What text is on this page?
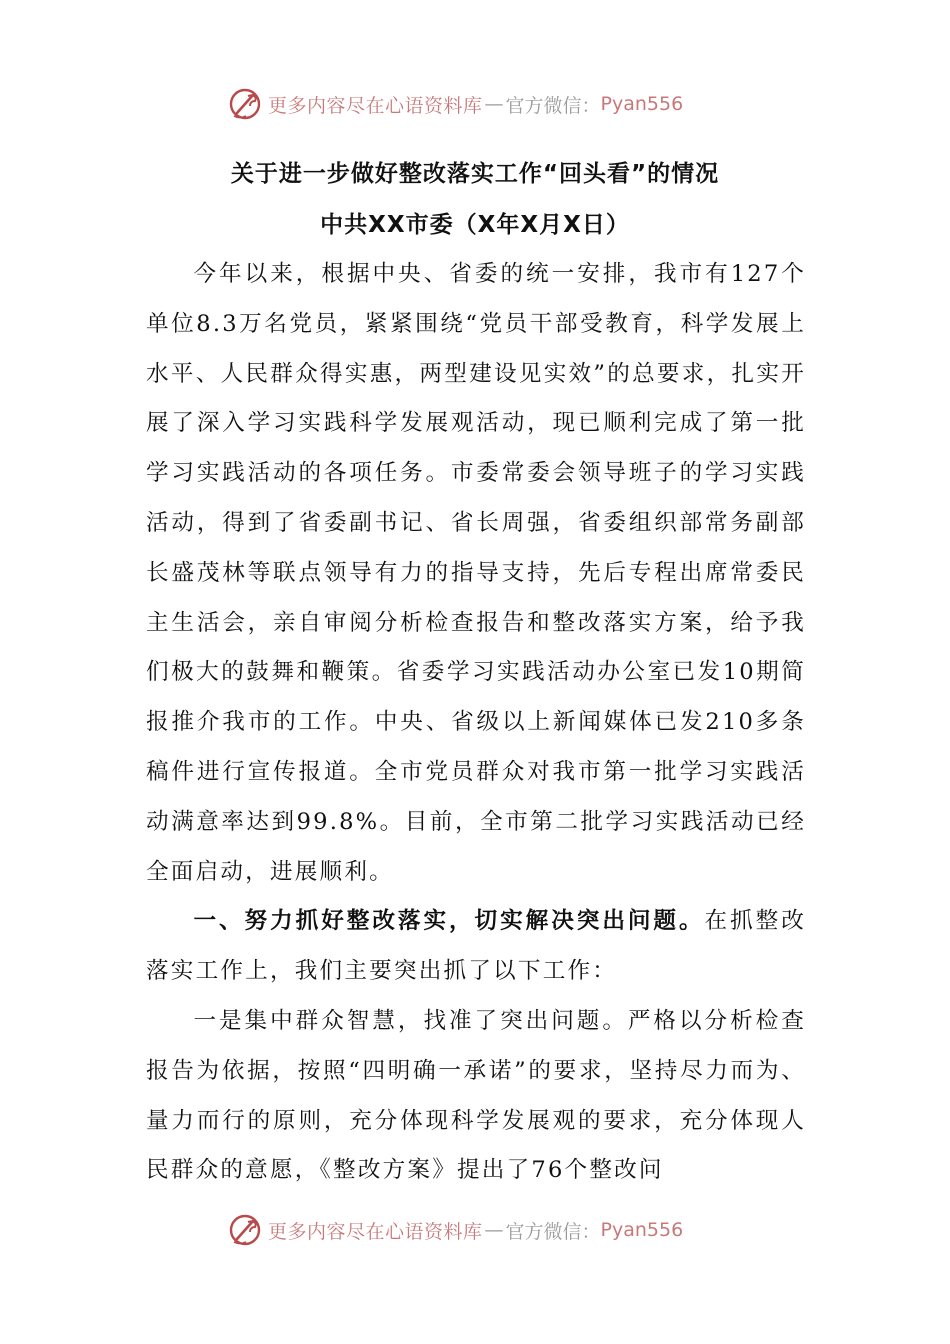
更多内容尽在心语资料库 — 官方微信： Pyan556
关于进一步做好整改落实工作“回头看”的情况
中共XX市委（X年X月X日）

今年以来，根据中央、省委的统一安排，我市有127个单位8.3万名党员，紧紧围绕“党员干部受教育，科学发展上水平、人民群众得实惠，两型建设见实效”的总要求，扎实开展了深入学习实践科学发展观活动，现已顺利完成了第一批学习实践活动的各项任务。市委常委会领导班子的学习实践活动，得到了省委副书记、省长周强，省委组织部常务副部长盛茂林等联点领导有力的指导支持，先后专程出席常委民主生活会，亲自审阅分析检查报告和整改落实方案，给予我们极大的鼓舞和鞭策。省委学习实践活动办公室已发10期简报推介我市的工作。中央、省级以上新闻媒体已发210多条稿件进行宣传报道。全市党员群众对我市第一批学习实践活动满意率达到99.8%。目前，全市第二批学习实践活动已经全面启动，进展顺利。

一、努力抓好整改落实，切实解决突出问题。在抓整改落实工作上，我们主要突出抓了以下工作：

一是集中群众智慧，找准了突出问题。严格以分析检查报告为依据，按照“四明确一承诺”的要求，坚持尽力而为、量力而行的原则，充分体现科学发展观的要求，充分体现人民群众的意愿，《整改方案》提出了76个整改问

更多内容尽在心语资料库 — 官方微信： Pyan556
